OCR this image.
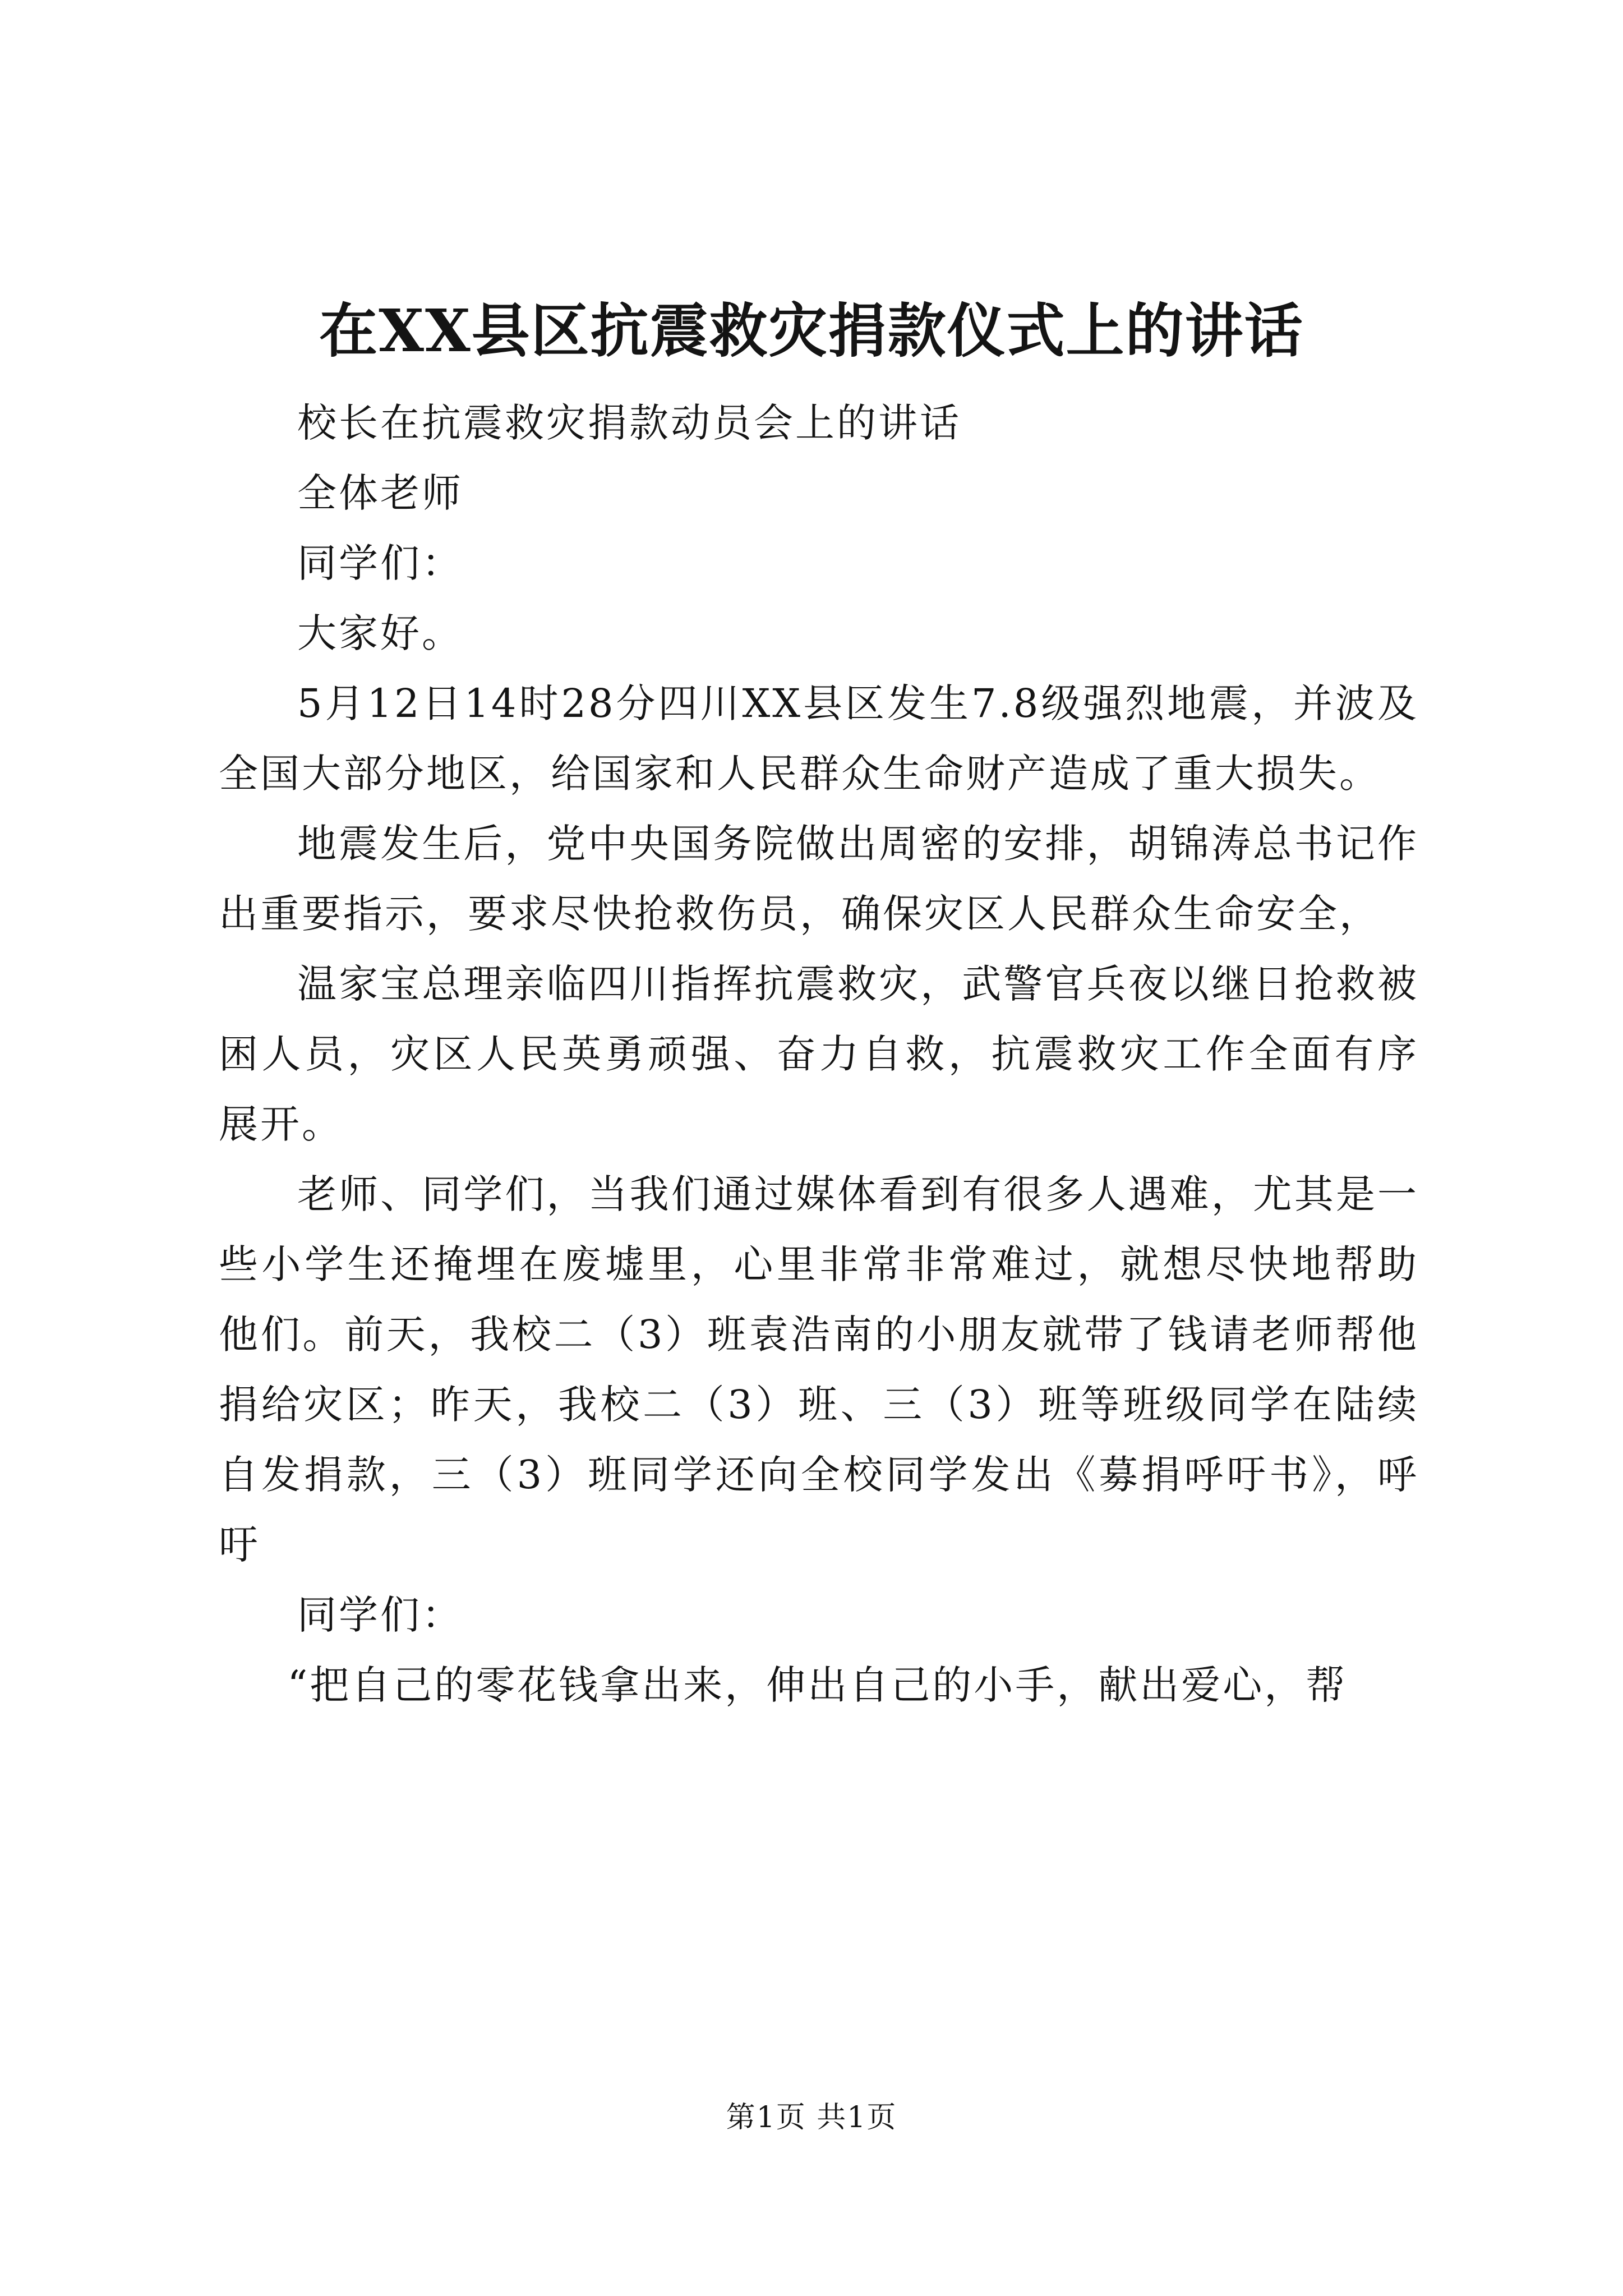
在XX县区抗震救灾捐款仪式上的讲话

校长在抗震救灾捐款动员会上的讲话

全体老师

同学们：

大家好。

5月12日14时28分四川XX县区发生7.8级强烈地震，并波及全国大部分地区，给国家和人民群众生命财产造成了重大损失。

地震发生后，党中央国务院做出周密的安排，胡锦涛总书记作出重要指示，要求尽快抢救伤员，确保灾区人民群众生命安全，

温家宝总理亲临四川指挥抗震救灾，武警官兵夜以继日抢救被困人员，灾区人民英勇顽强、奋力自救，抗震救灾工作全面有序展开。

老师、同学们，当我们通过媒体看到有很多人遇难，尤其是一些小学生还掩埋在废墟里，心里非常非常难过，就想尽快地帮助他们。前天，我校二（3）班袁浩南的小朋友就带了钱请老师帮他捐给灾区；昨天，我校二（3）班、三（3）班等班级同学在陆续自发捐款，三（3）班同学还向全校同学发出《募捐呼吁书》，呼吁

同学们：

“把自己的零花钱拿出来，伸出自己的小手，献出爱心，帮

第1页 共1页
